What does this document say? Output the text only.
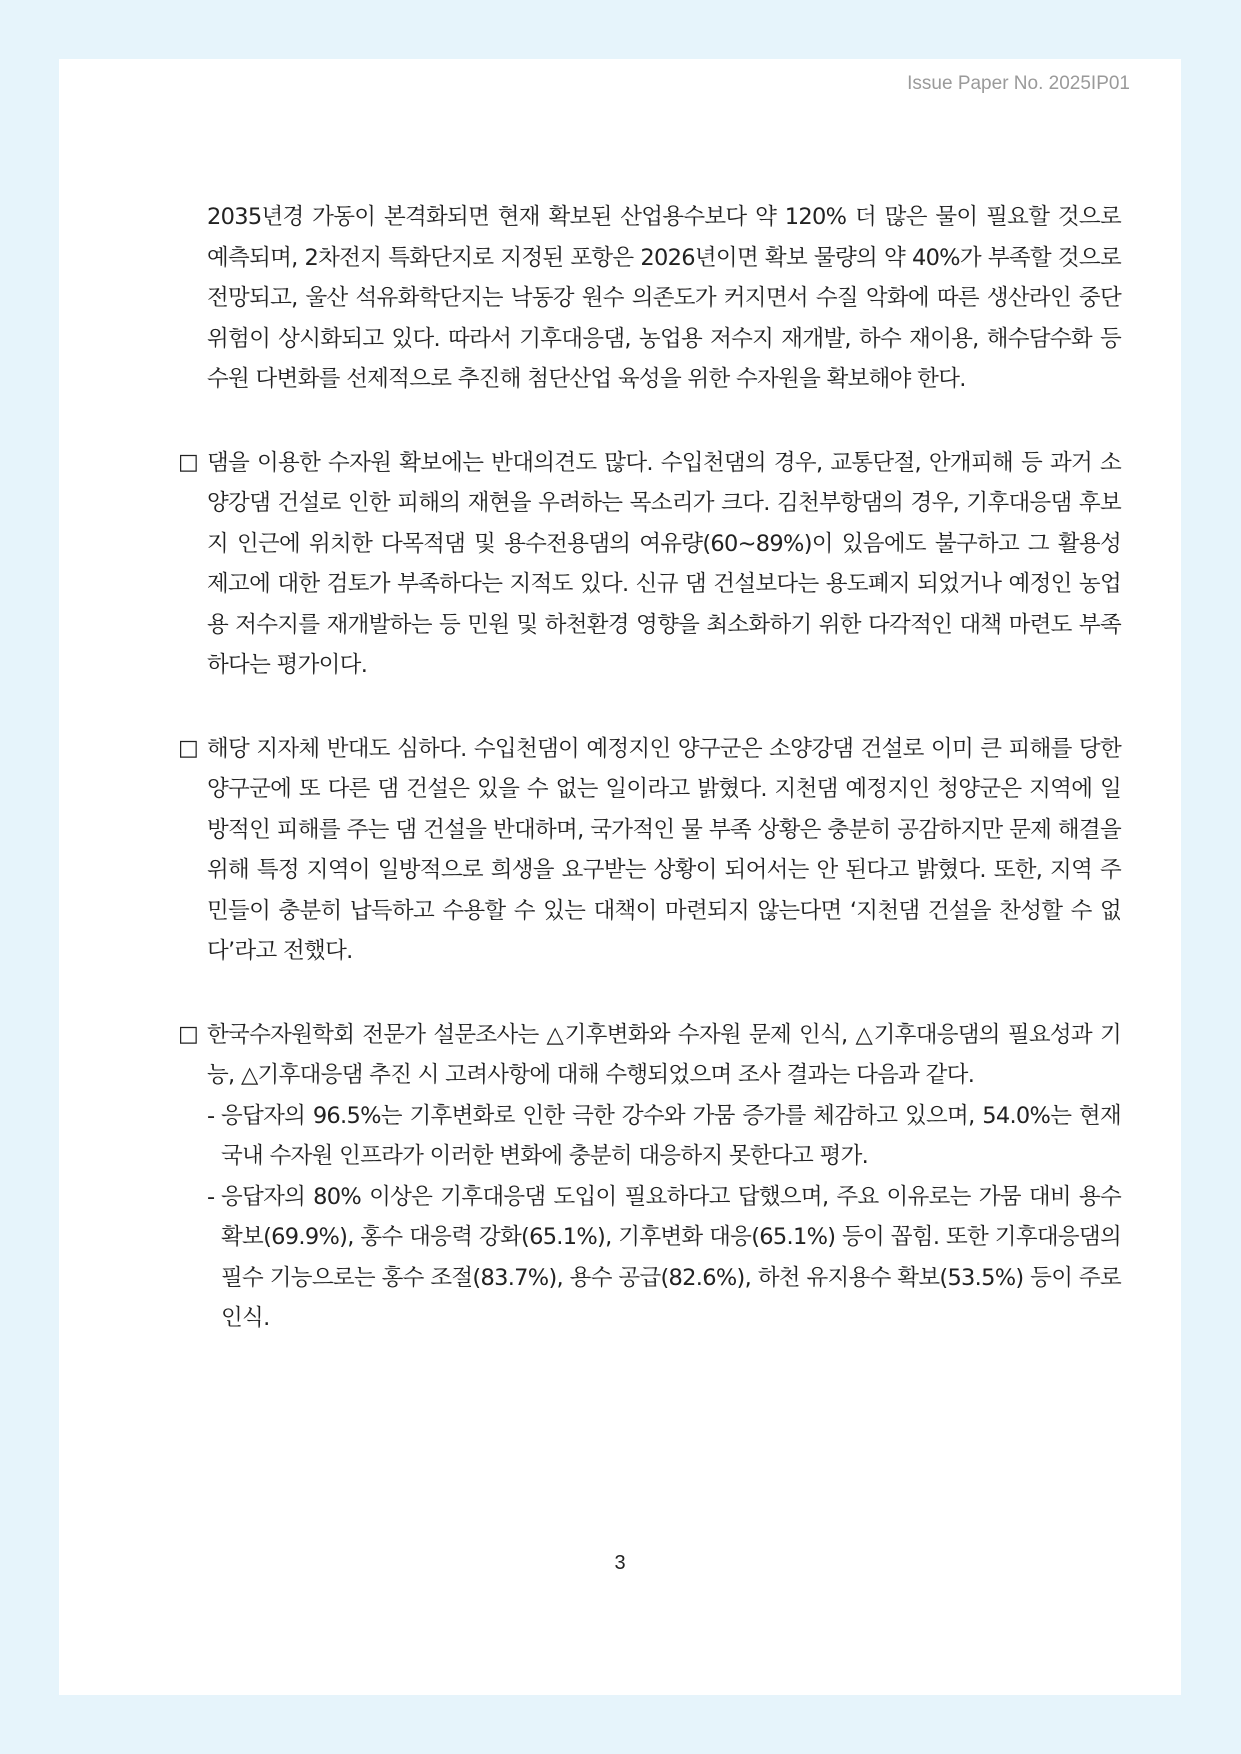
Issue Paper No. 2025IP01

2035년경 가동이 본격화되면 현재 확보된 산업용수보다 약 120% 더 많은 물이 필요할 것으로 예측되며, 2차전지 특화단지로 지정된 포항은 2026년이면 확보 물량의 약 40%가 부족할 것으로 전망되고, 울산 석유화학단지는 낙동강 원수 의존도가 커지면서 수질 악화에 따른 생산라인 중단 위험이 상시화되고 있다. 따라서 기후대응댐, 농업용 저수지 재개발, 하수 재이용, 해수담수화 등 수원 다변화를 선제적으로 추진해 첨단산업 육성을 위한 수자원을 확보해야 한다.

□ 댐을 이용한 수자원 확보에는 반대의견도 많다. 수입천댐의 경우, 교통단절, 안개피해 등 과거 소양강댐 건설로 인한 피해의 재현을 우려하는 목소리가 크다. 김천부항댐의 경우, 기후대응댐 후보지 인근에 위치한 다목적댐 및 용수전용댐의 여유량(60~89%)이 있음에도 불구하고 그 활용성 제고에 대한 검토가 부족하다는 지적도 있다. 신규 댐 건설보다는 용도폐지 되었거나 예정인 농업용 저수지를 재개발하는 등 민원 및 하천환경 영향을 최소화하기 위한 다각적인 대책 마련도 부족하다는 평가이다.

□ 해당 지자체 반대도 심하다. 수입천댐이 예정지인 양구군은 소양강댐 건설로 이미 큰 피해를 당한 양구군에 또 다른 댐 건설은 있을 수 없는 일이라고 밝혔다. 지천댐 예정지인 청양군은 지역에 일방적인 피해를 주는 댐 건설을 반대하며, 국가적인 물 부족 상황은 충분히 공감하지만 문제 해결을 위해 특정 지역이 일방적으로 희생을 요구받는 상황이 되어서는 안 된다고 밝혔다. 또한, 지역 주민들이 충분히 납득하고 수용할 수 있는 대책이 마련되지 않는다면 ‘지천댐 건설을 찬성할 수 없다’라고 전했다.

□ 한국수자원학회 전문가 설문조사는 △기후변화와 수자원 문제 인식, △기후대응댐의 필요성과 기능, △기후대응댐 추진 시 고려사항에 대해 수행되었으며 조사 결과는 다음과 같다.

- 응답자의 96.5%는 기후변화로 인한 극한 강수와 가뭄 증가를 체감하고 있으며, 54.0%는 현재 국내 수자원 인프라가 이러한 변화에 충분히 대응하지 못한다고 평가.

- 응답자의 80% 이상은 기후대응댐 도입이 필요하다고 답했으며, 주요 이유로는 가뭄 대비 용수 확보(69.9%), 홍수 대응력 강화(65.1%), 기후변화 대응(65.1%) 등이 꼽힘. 또한 기후대응댐의 필수 기능으로는 홍수 조절(83.7%), 용수 공급(82.6%), 하천 유지용수 확보(53.5%) 등이 주로 인식.

3
